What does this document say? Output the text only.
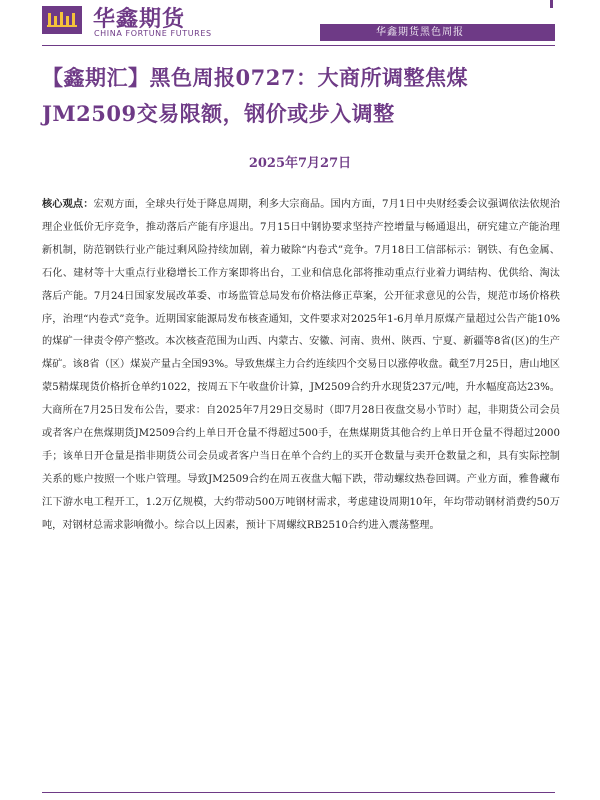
华鑫期货
CHINA FORTUNE FUTURES	华鑫期货黑色周报
【鑫期汇】黑色周报0727：大商所调整焦煤JM2509交易限额，钢价或步入调整
2025年7月27日
核心观点：宏观方面，全球央行处于降息周期，利多大宗商品。国内方面，7月1日中央财经委会议强调依法依规治理企业低价无序竞争，推动落后产能有序退出。7月15日中钢协要求坚持产控增量与畅通退出，研究建立产能治理新机制，防范钢铁行业产能过剩风险持续加剧，着力破除“内卷式”竞争。7月18日工信部标示：钢铁、有色金属、石化、建材等十大重点行业稳增长工作方案即将出台，工业和信息化部将推动重点行业着力调结构、优供给、淘汰落后产能。7月24日国家发展改革委、市场监管总局发布价格法修正草案，公开征求意见的公告，规范市场价格秩序，治理“内卷式”竞争。近期国家能源局发布核查通知，文件要求对2025年1-6月单月原煤产量超过公告产能10%的煤矿一律责令停产整改。本次核查范围为山西、内蒙古、安徽、河南、贵州、陕西、宁夏、新疆等8省(区)的生产煤矿。该8省（区）煤炭产量占全国93%。导致焦煤主力合约连续四个交易日以涨停收盘。截至7月25日，唐山地区蒙5精煤现货价格折仓单约1022，按周五下午收盘价计算，JM2509合约升水现货237元/吨，升水幅度高达23%。大商所在7月25日发布公告，要求：自2025年7月29日交易时（即7月28日夜盘交易小节时）起，非期货公司会员或者客户在焦煤期货JM2509合约上单日开仓量不得超过500手，在焦煤期货其他合约上单日开仓量不得超过2000手；该单日开仓量是指非期货公司会员或者客户当日在单个合约上的买开仓数量与卖开仓数量之和，具有实际控制关系的账户按照一个账户管理。导致JM2509合约在周五夜盘大幅下跌，带动螺纹热卷回调。产业方面，雅鲁藏布江下游水电工程开工，1.2万亿规模，大约带动500万吨钢材需求，考虑建设周期10年，年均带动钢材消费约50万吨，对钢材总需求影响微小。综合以上因素，预计下周螺纹RB2510合约进入震荡整理。
